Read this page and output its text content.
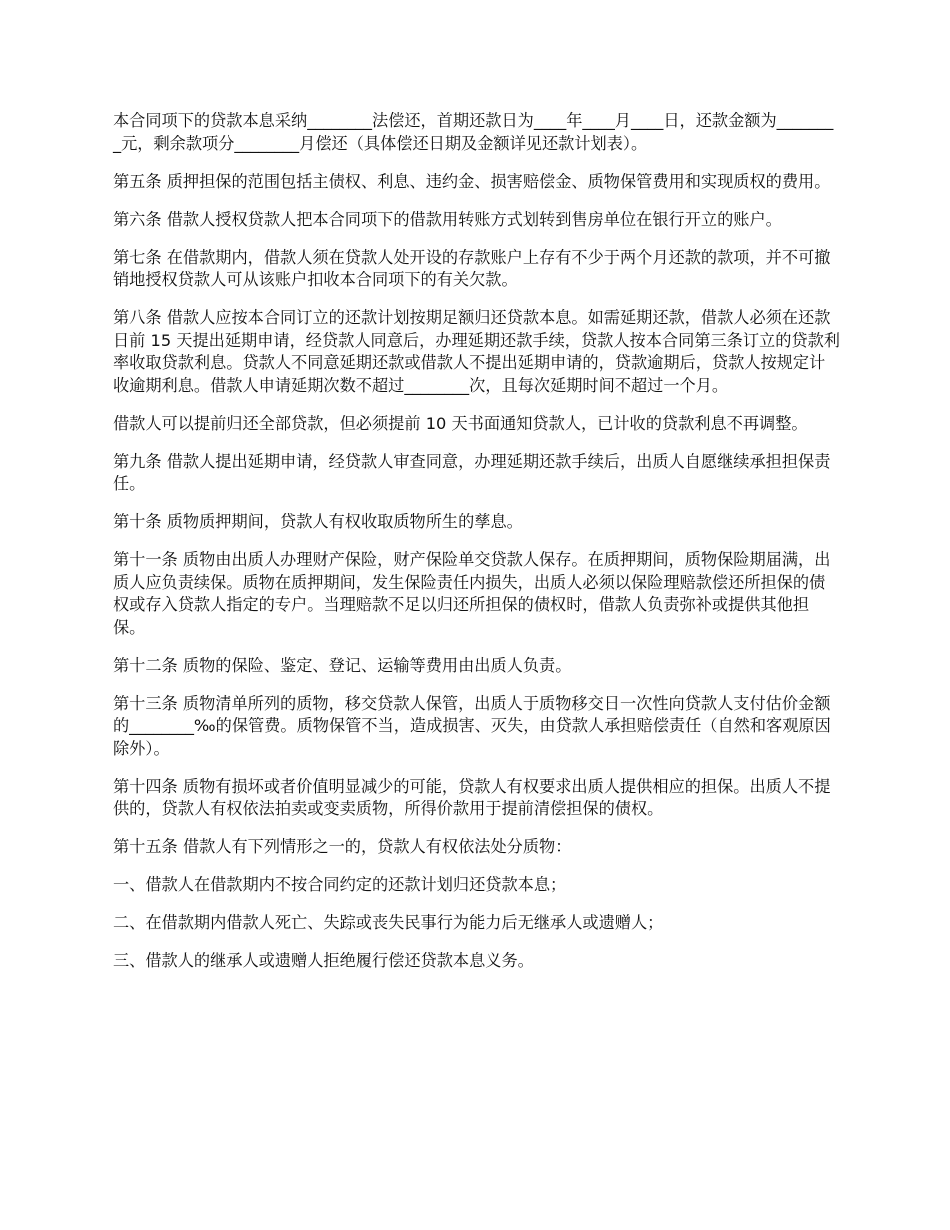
本合同项下的贷款本息采纳________法偿还，首期还款日为____年____月____日，还款金额为________元，剩余款项分________月偿还（具体偿还日期及金额详见还款计划表）。

第五条 质押担保的范围包括主债权、利息、违约金、损害赔偿金、质物保管费用和实现质权的费用。

第六条 借款人授权贷款人把本合同项下的借款用转账方式划转到售房单位在银行开立的账户。

第七条 在借款期内，借款人须在贷款人处开设的存款账户上存有不少于两个月还款的款项，并不可撤销地授权贷款人可从该账户扣收本合同项下的有关欠款。

第八条 借款人应按本合同订立的还款计划按期足额归还贷款本息。如需延期还款，借款人必须在还款日前 15 天提出延期申请，经贷款人同意后，办理延期还款手续，贷款人按本合同第三条订立的贷款利率收取贷款利息。贷款人不同意延期还款或借款人不提出延期申请的，贷款逾期后，贷款人按规定计收逾期利息。借款人申请延期次数不超过________次，且每次延期时间不超过一个月。

借款人可以提前归还全部贷款，但必须提前 10 天书面通知贷款人，已计收的贷款利息不再调整。

第九条 借款人提出延期申请，经贷款人审查同意，办理延期还款手续后，出质人自愿继续承担担保责任。

第十条 质物质押期间，贷款人有权收取质物所生的孳息。

第十一条 质物由出质人办理财产保险，财产保险单交贷款人保存。在质押期间，质物保险期届满，出质人应负责续保。质物在质押期间，发生保险责任内损失，出质人必须以保险理赔款偿还所担保的债权或存入贷款人指定的专户。当理赔款不足以归还所担保的债权时，借款人负责弥补或提供其他担保。

第十二条 质物的保险、鉴定、登记、运输等费用由出质人负责。

第十三条 质物清单所列的质物，移交贷款人保管，出质人于质物移交日一次性向贷款人支付估价金额的________‰的保管费。质物保管不当，造成损害、灭失，由贷款人承担赔偿责任（自然和客观原因除外）。

第十四条 质物有损坏或者价值明显减少的可能，贷款人有权要求出质人提供相应的担保。出质人不提供的，贷款人有权依法拍卖或变卖质物，所得价款用于提前清偿担保的债权。

第十五条 借款人有下列情形之一的，贷款人有权依法处分质物：

一、借款人在借款期内不按合同约定的还款计划归还贷款本息；

二、在借款期内借款人死亡、失踪或丧失民事行为能力后无继承人或遗赠人；

三、借款人的继承人或遗赠人拒绝履行偿还贷款本息义务。
